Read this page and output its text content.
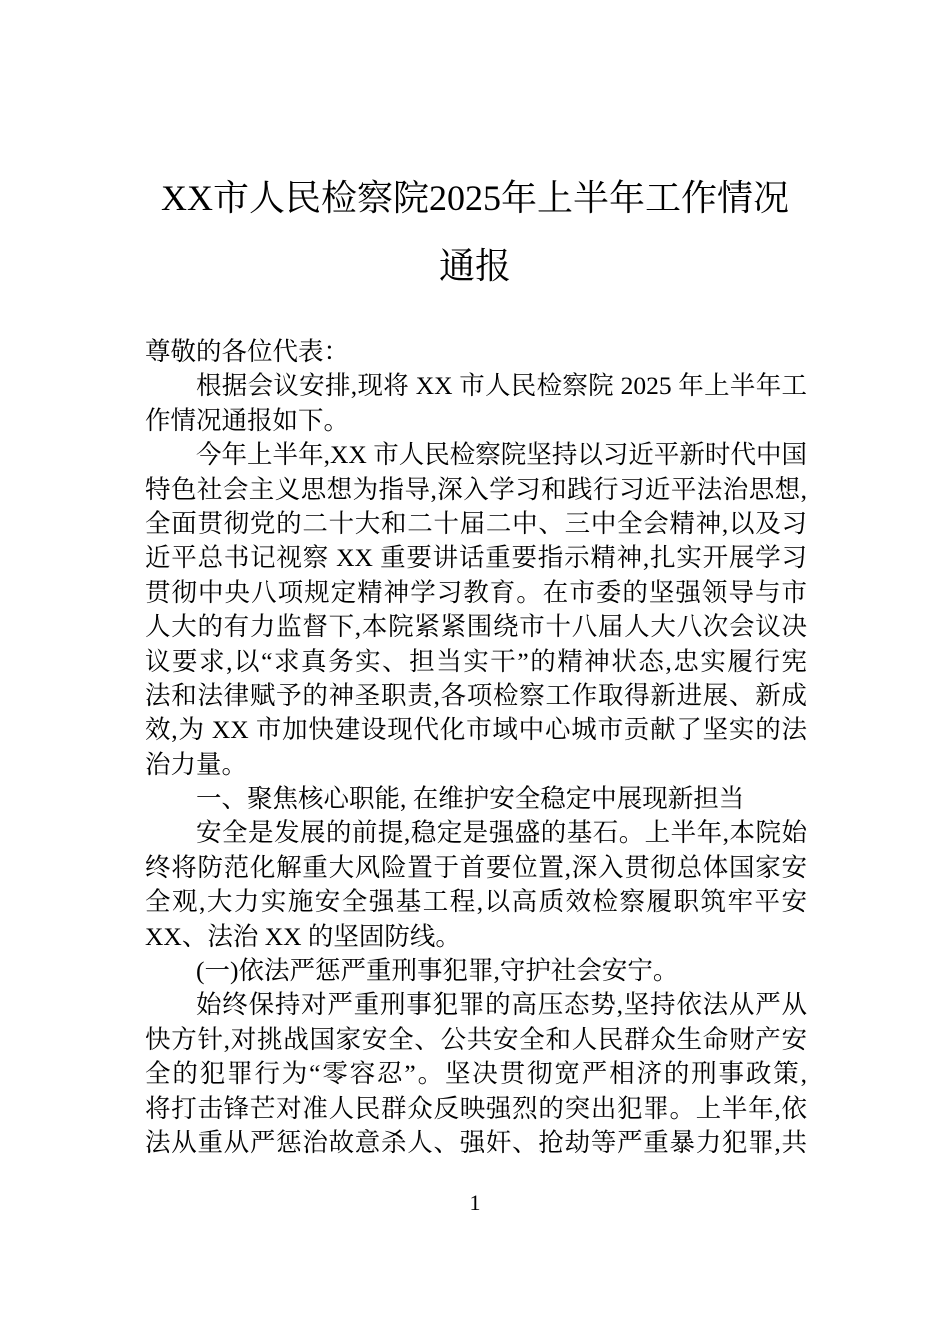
XX市人民检察院2025年上半年工作情况
通报
尊敬的各位代表：
根据会议安排,现将 XX 市人民检察院 2025 年上半年工
作情况通报如下。
今年上半年,XX 市人民检察院坚持以习近平新时代中国
特色社会主义思想为指导,深入学习和践行习近平法治思想,
全面贯彻党的二十大和二十届二中、三中全会精神,以及习
近平总书记视察 XX 重要讲话重要指示精神,扎实开展学习
贯彻中央八项规定精神学习教育。在市委的坚强领导与市
人大的有力监督下,本院紧紧围绕市十八届人大八次会议决
议要求,以“求真务实、担当实干”的精神状态,忠实履行宪
法和法律赋予的神圣职责,各项检察工作取得新进展、新成
效,为 XX 市加快建设现代化市域中心城市贡献了坚实的法
治力量。
一、聚焦核心职能, 在维护安全稳定中展现新担当
安全是发展的前提,稳定是强盛的基石。上半年,本院始
终将防范化解重大风险置于首要位置,深入贯彻总体国家安
全观,大力实施安全强基工程,以高质效检察履职筑牢平安
XX、法治 XX 的坚固防线。
(一)依法严惩严重刑事犯罪,守护社会安宁。
始终保持对严重刑事犯罪的高压态势,坚持依法从严从
快方针,对挑战国家安全、公共安全和人民群众生命财产安
全的犯罪行为“零容忍”。坚决贯彻宽严相济的刑事政策,
将打击锋芒对准人民群众反映强烈的突出犯罪。上半年,依
法从重从严惩治故意杀人、强奸、抢劫等严重暴力犯罪,共
1
